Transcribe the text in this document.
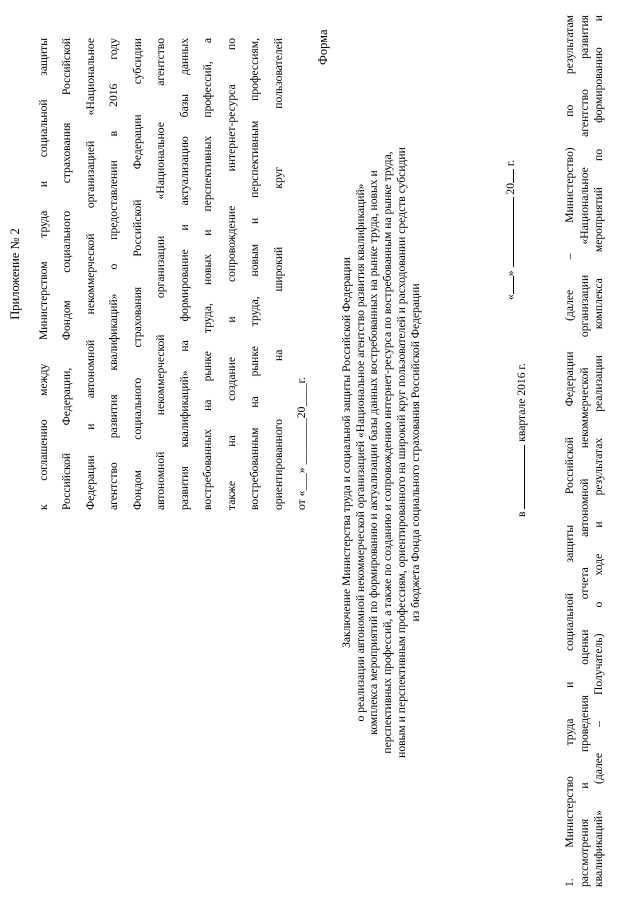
Приложение № 2	к соглашению между Министерством труда и социальной защиты Российской Федерации, Фондом социального страхования Российской Федерации и автономной некоммерческой организацией «Национальное агентство развития квалификаций» о предоставлении в 2016 году Фондом социального страхования Российской Федерации субсидии автономной некоммерческой организации «Национальное агентство развития квалификаций» на формирование и актуализацию базы данных востребованных на рынке труда, новых и перспективных профессий, а также на создание и сопровождение интернет-ресурса по востребованным на рынке труда, новым и перспективным профессиям, ориентированного на широкий круг пользователей от «___» ________20____г.
Форма
Заключение Министерства труда и социальной защиты Российской Федерации о реализации автономной некоммерческой организацией «Национальное агентство развития квалификаций» комплекса мероприятий по формированию и актуализации базы данных востребованных на рынке труда, новых и перспективных профессий, а также по созданию и сопровождению интернет-ресурса по востребованным на рынке труда, новым и перспективным профессиям, ориентированного на широкий круг пользователей и расходовании средств субсидии из бюджета Фонда социального страхования Российской Федерации	«»  20 г.
в  квартале 2016 г.	1. Министерство труда и социальной защиты Российской Федерации (далее – Министерство) по результатам рассмотрения и проведения оценки отчета автономной некоммерческой организации «Национальное агентство развития квалификаций» (далее – Получатель) о ходе и результатах реализации комплекса мероприятий по формированию и
